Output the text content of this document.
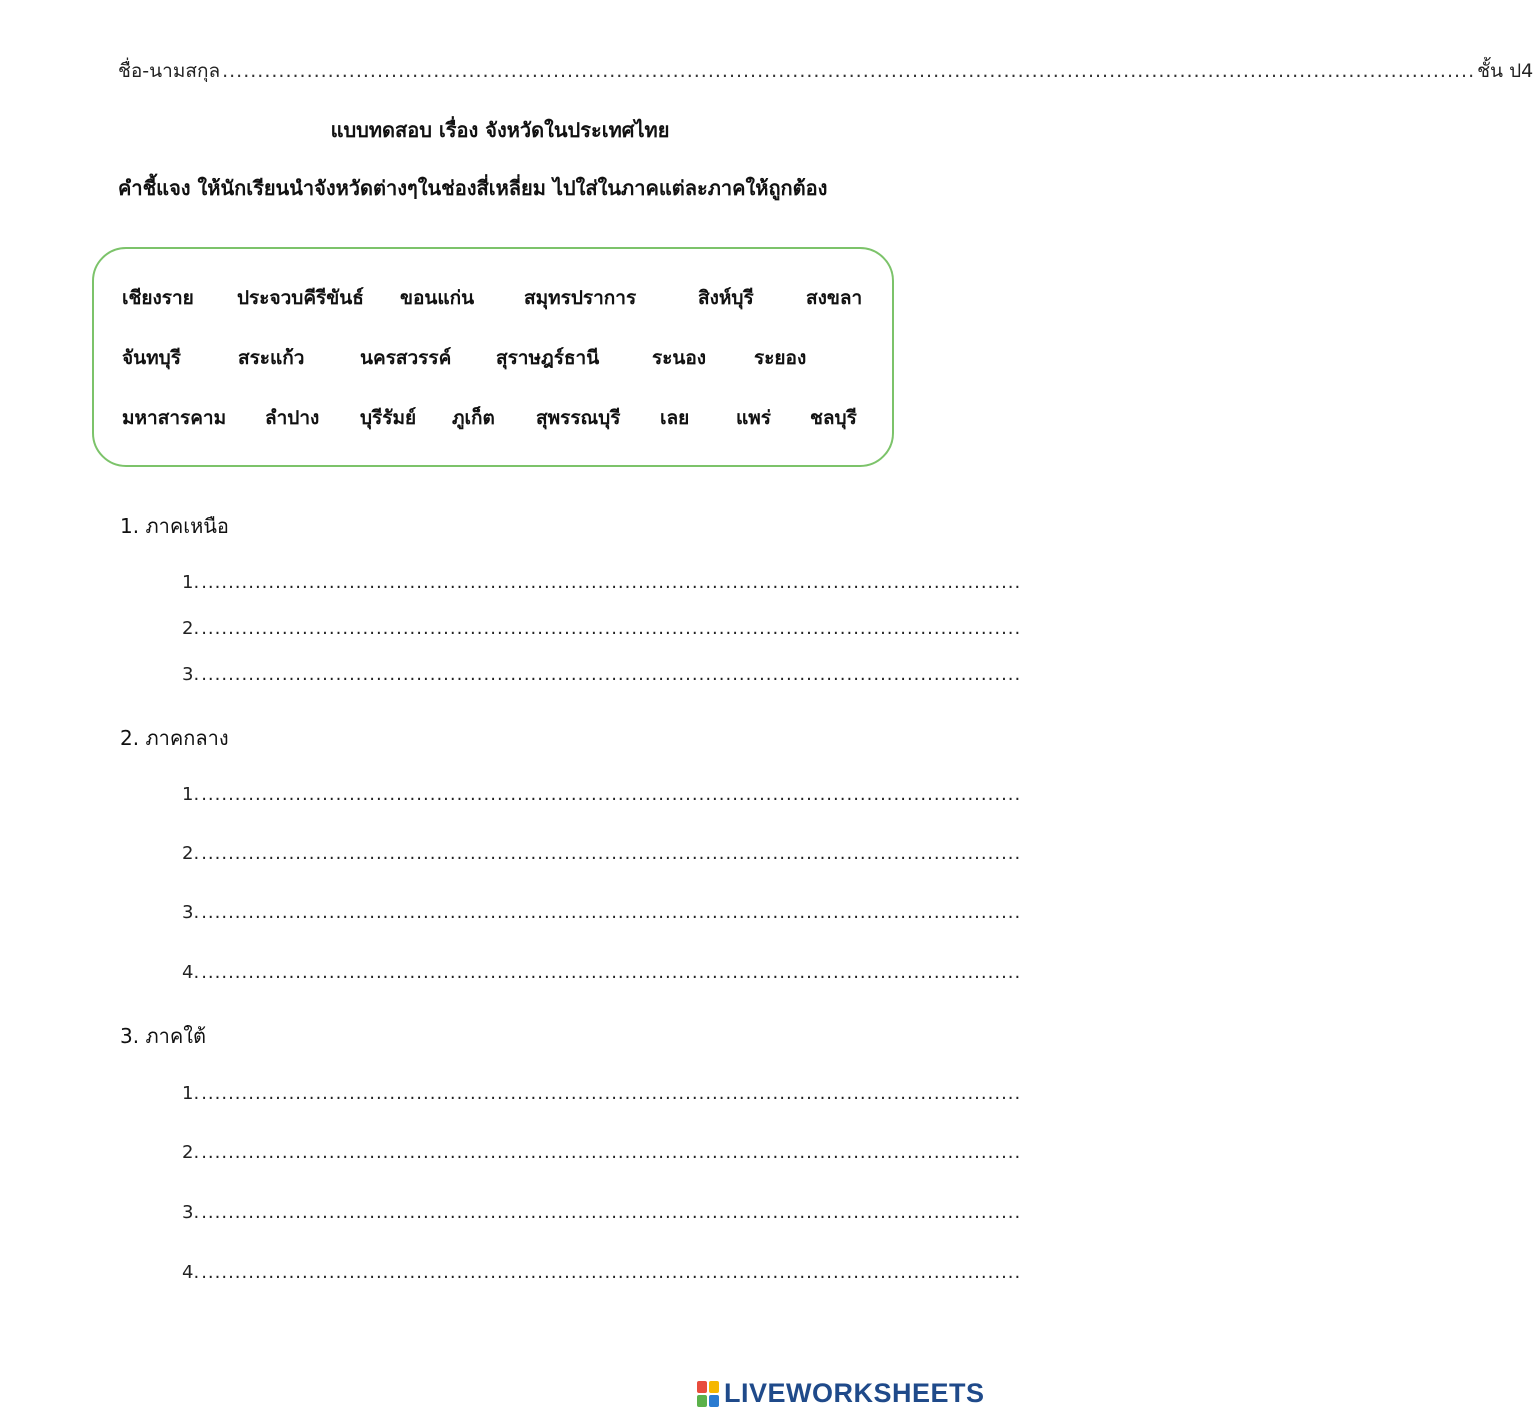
ชื่อ-นามสกุล .................................................................................................................................................................................. ชั้น ป4
แบบทดสอบ เรื่อง จังหวัดในประเทศไทย
คำชี้แจง ให้นักเรียนนำจังหวัดต่างๆในช่องสี่เหลี่ยม ไปใส่ในภาคแต่ละภาคให้ถูกต้อง
เชียงราย ประจวบคีรีขันธ์ ขอนแก่น	สมุทรปราการ	สิงห์บุรี	สงขลา
จันทบุรี	สระแก้ว	นครสวรรค์ สุราษฎร์ธานี	ระนอง	ระยอง
มหาสารคาม ลำปาง บุรีรัมย์ ภูเก็ต สุพรรณบุรี เลย แพร่ ชลบุรี
1. ภาคเหนือ
1. ..........................................................................................................................
2. ..........................................................................................................................
3. ..........................................................................................................................
2. ภาคกลาง
1. ..........................................................................................................................
2. ..........................................................................................................................
3. ..........................................................................................................................
4. ..........................................................................................................................
3. ภาคใต้
1. ..........................................................................................................................
2. ..........................................................................................................................
3. ..........................................................................................................................
4. ..........................................................................................................................
LIVEWORKSHEETS
